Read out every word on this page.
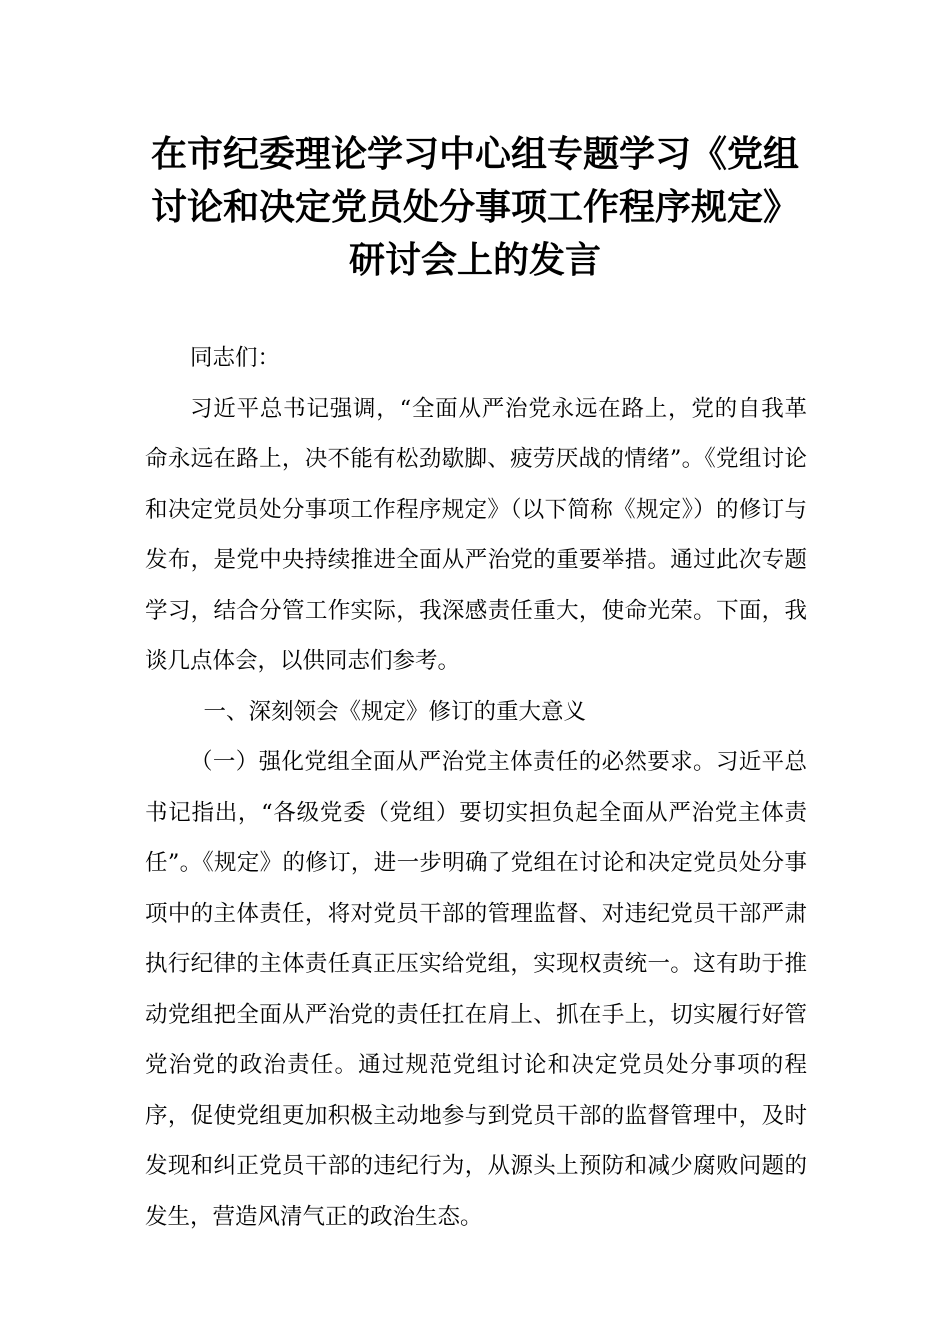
在市纪委理论学习中心组专题学习《党组
讨论和决定党员处分事项工作程序规定》
研讨会上的发言

同志们：

习近平总书记强调，“全面从严治党永远在路上，党的自我革命永远在路上，决不能有松劲歇脚、疲劳厌战的情绪”。《党组讨论和决定党员处分事项工作程序规定》（以下简称《规定》）的修订与发布，是党中央持续推进全面从严治党的重要举措。通过此次专题学习，结合分管工作实际，我深感责任重大，使命光荣。下面，我谈几点体会，以供同志们参考。

一、深刻领会《规定》修订的重大意义

（一）强化党组全面从严治党主体责任的必然要求。习近平总书记指出，“各级党委（党组）要切实担负起全面从严治党主体责任”。《规定》的修订，进一步明确了党组在讨论和决定党员处分事项中的主体责任，将对党员干部的管理监督、对违纪党员干部严肃执行纪律的主体责任真正压实给党组，实现权责统一。这有助于推动党组把全面从严治党的责任扛在肩上、抓在手上，切实履行好管党治党的政治责任。通过规范党组讨论和决定党员处分事项的程序，促使党组更加积极主动地参与到党员干部的监督管理中，及时发现和纠正党员干部的违纪行为，从源头上预防和减少腐败问题的发生，营造风清气正的政治生态。
